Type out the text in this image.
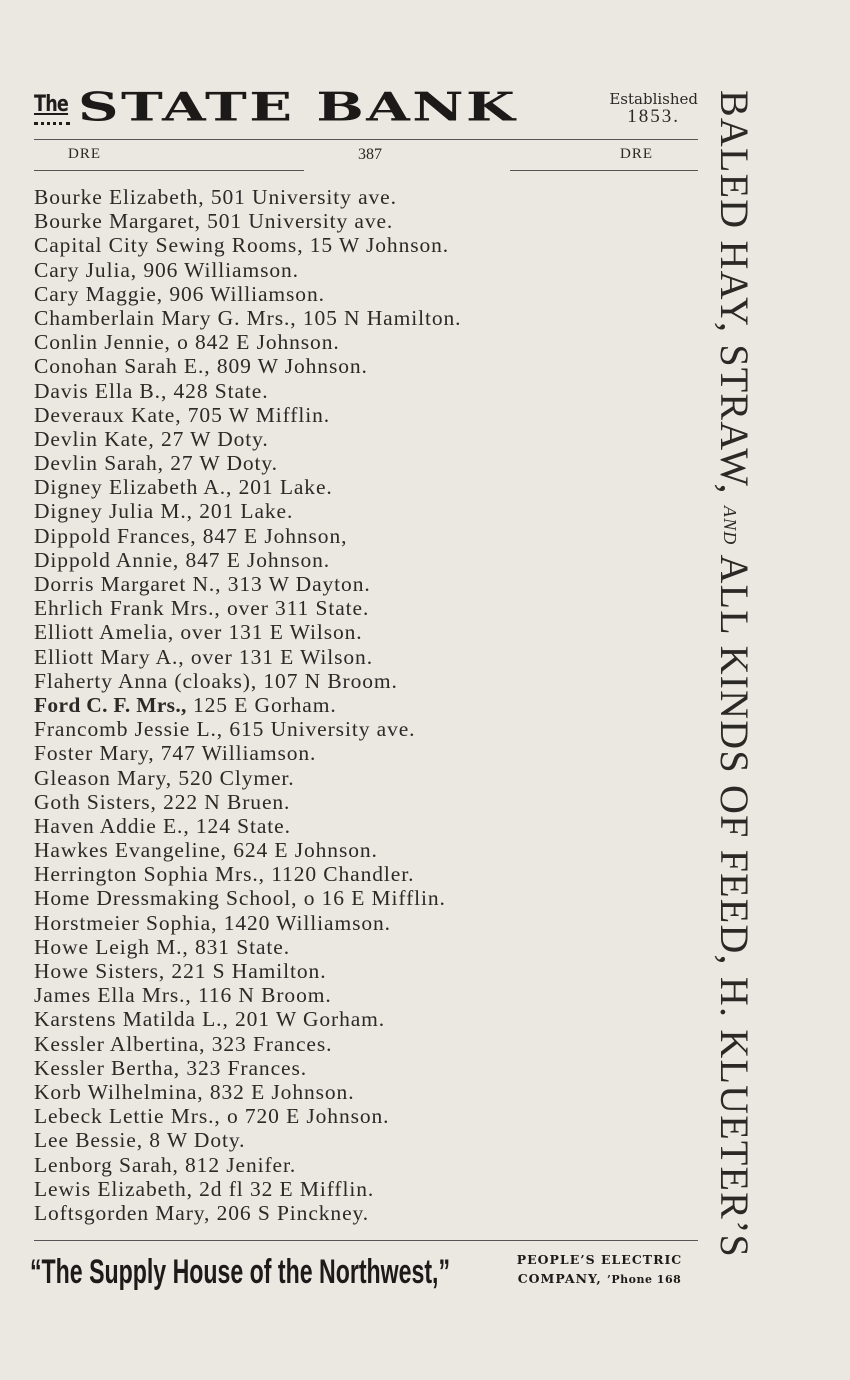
The STATE BANK	Established
1853.
DRE	387	DRE
Bourke Elizabeth, 501 University ave.
Bourke Margaret, 501 University ave.
Capital City Sewing Rooms, 15 W Johnson.
Cary Julia, 906 Williamson.
Cary Maggie, 906 Williamson.
Chamberlain Mary G. Mrs., 105 N Hamilton.
Conlin Jennie, o 842 E Johnson.
Conohan Sarah E., 809 W Johnson.
Davis Ella B., 428 State.
Deveraux Kate, 705 W Mifflin.
Devlin Kate, 27 W Doty.
Devlin Sarah, 27 W Doty.
Digney Elizabeth A., 201 Lake.
Digney Julia M., 201 Lake.
Dippold Frances, 847 E Johnson,
Dippold Annie, 847 E Johnson.
Dorris Margaret N., 313 W Dayton.
Ehrlich Frank Mrs., over 311 State.
Elliott Amelia, over 131 E Wilson.
Elliott Mary A., over 131 E Wilson.
Flaherty Anna (cloaks), 107 N Broom.
Ford C. F. Mrs., 125 E Gorham.
Francomb Jessie L., 615 University ave.
Foster Mary, 747 Williamson.
Gleason Mary, 520 Clymer.
Goth Sisters, 222 N Bruen.
Haven Addie E., 124 State.
Hawkes Evangeline, 624 E Johnson.
Herrington Sophia Mrs., 1120 Chandler.
Home Dressmaking School, o 16 E Mifflin.
Horstmeier Sophia, 1420 Williamson.
Howe Leigh M., 831 State.
Howe Sisters, 221 S Hamilton.
James Ella Mrs., 116 N Broom.
Karstens Matilda L., 201 W Gorham.
Kessler Albertina, 323 Frances.
Kessler Bertha, 323 Frances.
Korb Wilhelmina, 832 E Johnson.
Lebeck Lettie Mrs., o 720 E Johnson.
Lee Bessie, 8 W Doty.
Lenborg Sarah, 812 Jenifer.
Lewis Elizabeth, 2d fl 32 E Mifflin.
Loftsgorden Mary, 206 S Pinckney.
“The Supply House of the Northwest,”	PEOPLE’S ELECTRIC
COMPANY, ’Phone 168
BALED HAY, STRAW, AND ALL KINDS OF FEED, H. KLUETER’S
